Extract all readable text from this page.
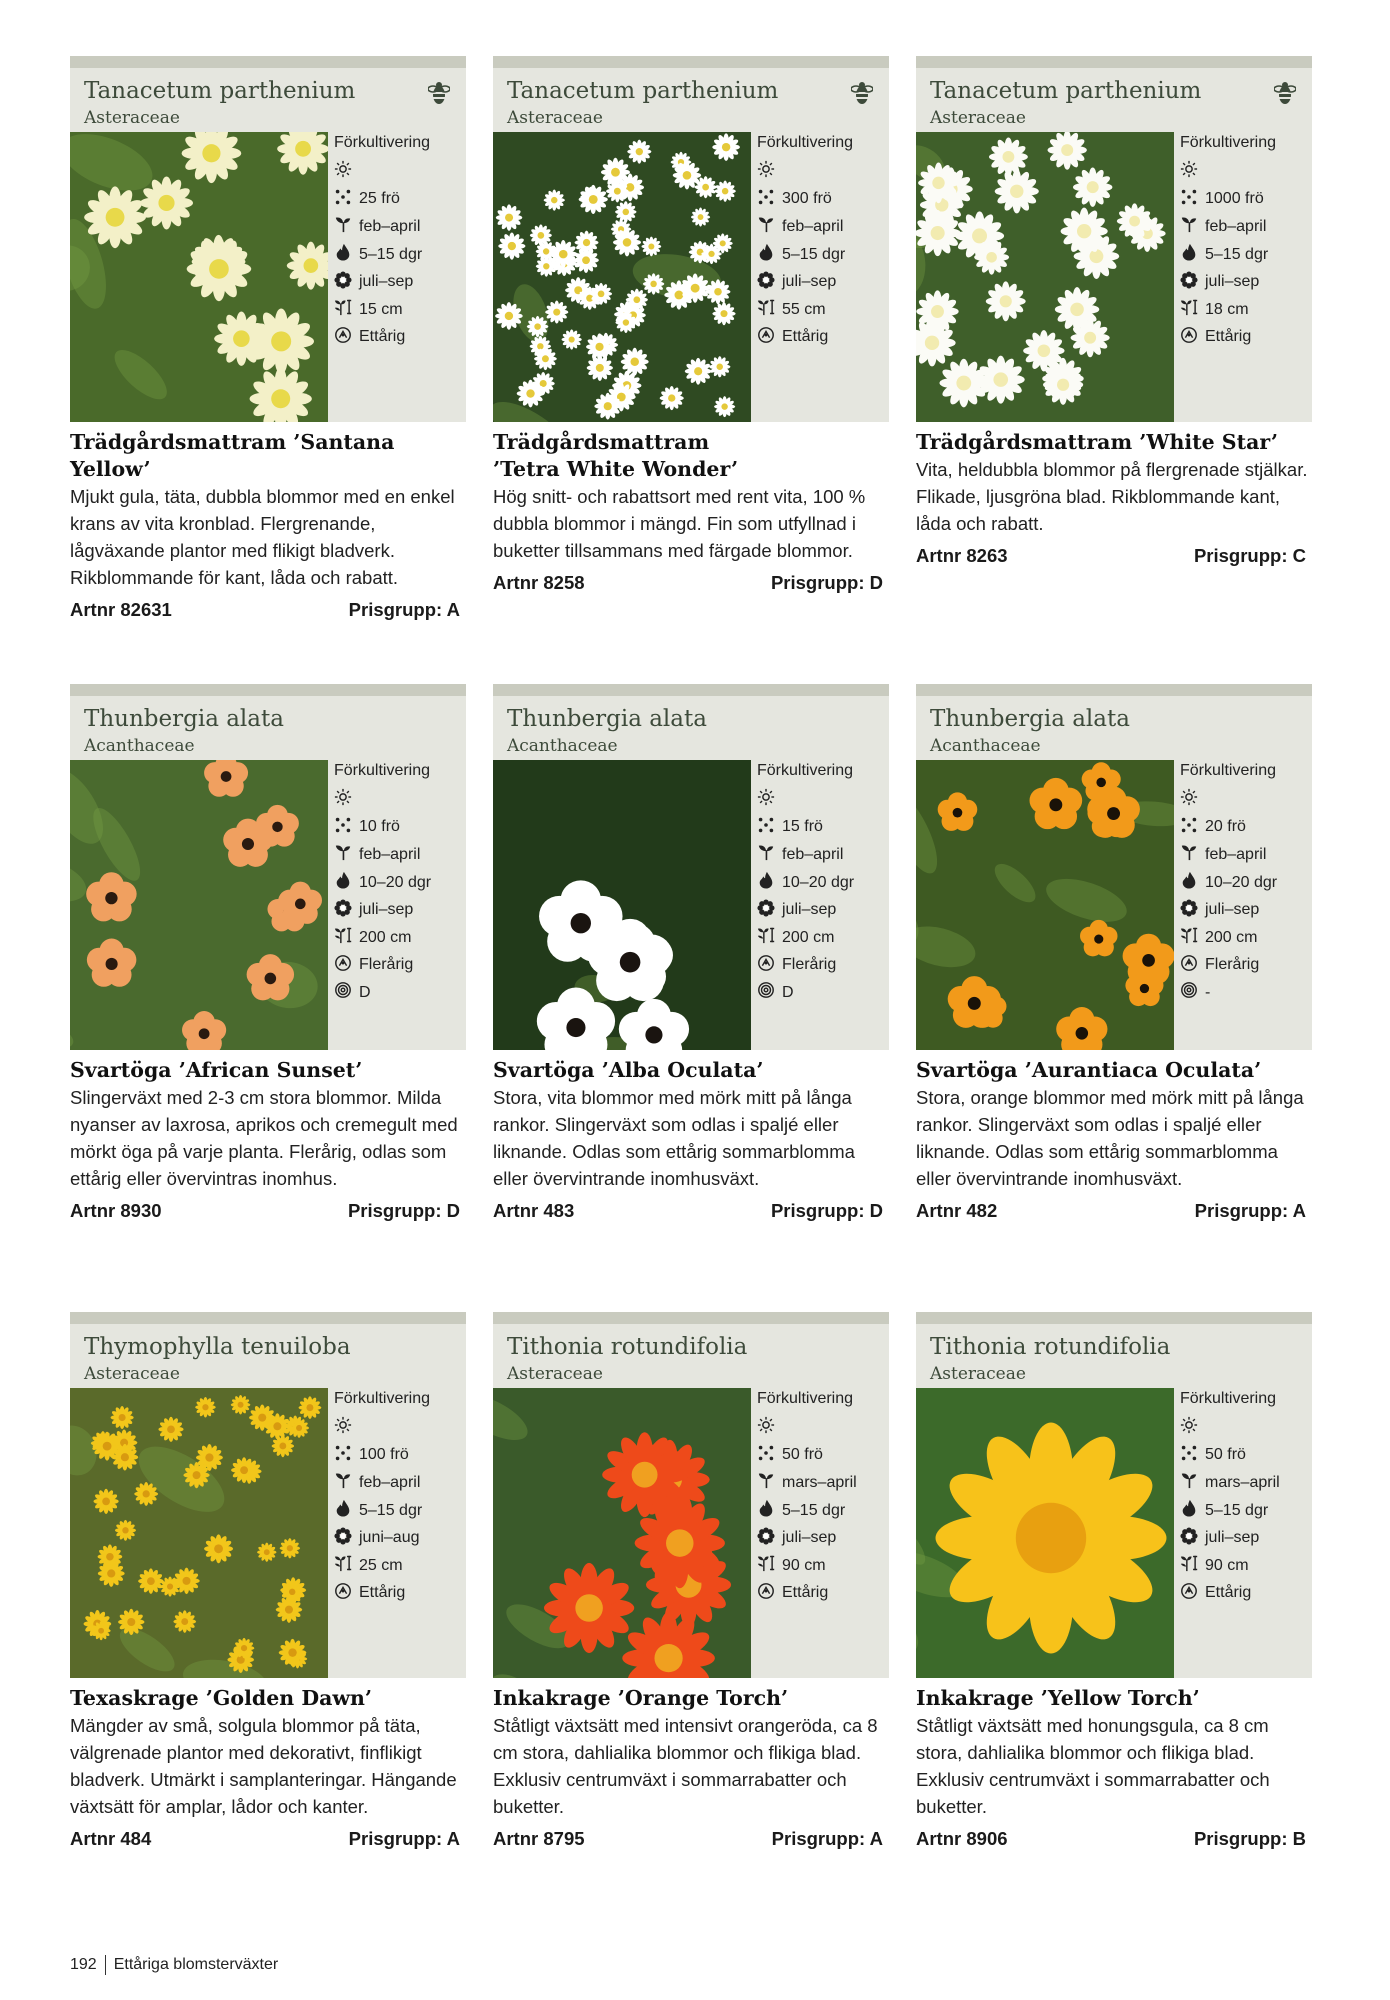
Tanacetum parthenium
Asteraceae
Förkultivering
25 frö
feb–april
5–15 dgr
juli–sep
15 cm
Ettårig
Trädgårdsmattram ’Santana Yellow’
Mjukt gula, täta, dubbla blommor med en enkel krans av vita kronblad. Flergrenande, lågväxande plantor med flikigt bladverk. Rikblommande för kant, låda och rabatt.
Artnr 82631	Prisgrupp: A
Tanacetum parthenium
Asteraceae
Förkultivering
300 frö
feb–april
5–15 dgr
juli–sep
55 cm
Ettårig
Trädgårdsmattram
’Tetra White Wonder’
Hög snitt- och rabattsort med rent vita, 100 % dubbla blommor i mängd. Fin som utfyllnad i buketter tillsammans med färgade blommor.
Artnr 8258	Prisgrupp: D
Tanacetum parthenium
Asteraceae
Förkultivering
1000 frö
feb–april
5–15 dgr
juli–sep
18 cm
Ettårig
Trädgårdsmattram ’White Star’
Vita, heldubbla blommor på flergrenade stjälkar. Flikade, ljusgröna blad. Rikblommande kant, låda och rabatt.
Artnr 8263	Prisgrupp: C
Thunbergia alata
Acanthaceae
Förkultivering
10 frö
feb–april
10–20 dgr
juli–sep
200 cm
Flerårig
D
Svartöga ’African Sunset’
Slingerväxt med 2-3 cm stora blommor. Milda nyanser av laxrosa, aprikos och cremegult med mörkt öga på varje planta. Flerårig, odlas som ettårig eller övervintras inomhus.
Artnr 8930	Prisgrupp: D
Thunbergia alata
Acanthaceae
Förkultivering
15 frö
feb–april
10–20 dgr
juli–sep
200 cm
Flerårig
D
Svartöga ’Alba Oculata’
Stora, vita blommor med mörk mitt på långa rankor. Slingerväxt som odlas i spaljé eller liknande. Odlas som ettårig sommarblomma eller övervintrande inomhusväxt.
Artnr 483	Prisgrupp: D
Thunbergia alata
Acanthaceae
Förkultivering
20 frö
feb–april
10–20 dgr
juli–sep
200 cm
Flerårig
-
Svartöga ’Aurantiaca Oculata’
Stora, orange blommor med mörk mitt på långa rankor. Slingerväxt som odlas i spaljé eller liknande. Odlas som ettårig sommarblomma eller övervintrande inomhusväxt.
Artnr 482	Prisgrupp: A
Thymophylla tenuiloba
Asteraceae
Förkultivering
100 frö
feb–april
5–15 dgr
juni–aug
25 cm
Ettårig
Texaskrage ’Golden Dawn’
Mängder av små, solgula blommor på täta, välgrenade plantor med dekorativt, finflikigt bladverk. Utmärkt i samplanteringar. Hängande växtsätt för amplar, lådor och kanter.
Artnr 484	Prisgrupp: A
Tithonia rotundifolia
Asteraceae
Förkultivering
50 frö
mars–april
5–15 dgr
juli–sep
90 cm
Ettårig
Inkakrage ’Orange Torch’
Ståtligt växtsätt med intensivt orangeröda, ca 8 cm stora, dahlialika blommor och flikiga blad. Exklusiv centrumväxt i sommarrabatter och buketter.
Artnr 8795	Prisgrupp: A
Tithonia rotundifolia
Asteraceae
Förkultivering
50 frö
mars–april
5–15 dgr
juli–sep
90 cm
Ettårig
Inkakrage ’Yellow Torch’
Ståtligt växtsätt med honungsgula, ca 8 cm stora, dahlialika blommor och flikiga blad. Exklusiv centrumväxt i sommarrabatter och buketter.
Artnr 8906	Prisgrupp: B
192 Ettåriga blomsterväxter
